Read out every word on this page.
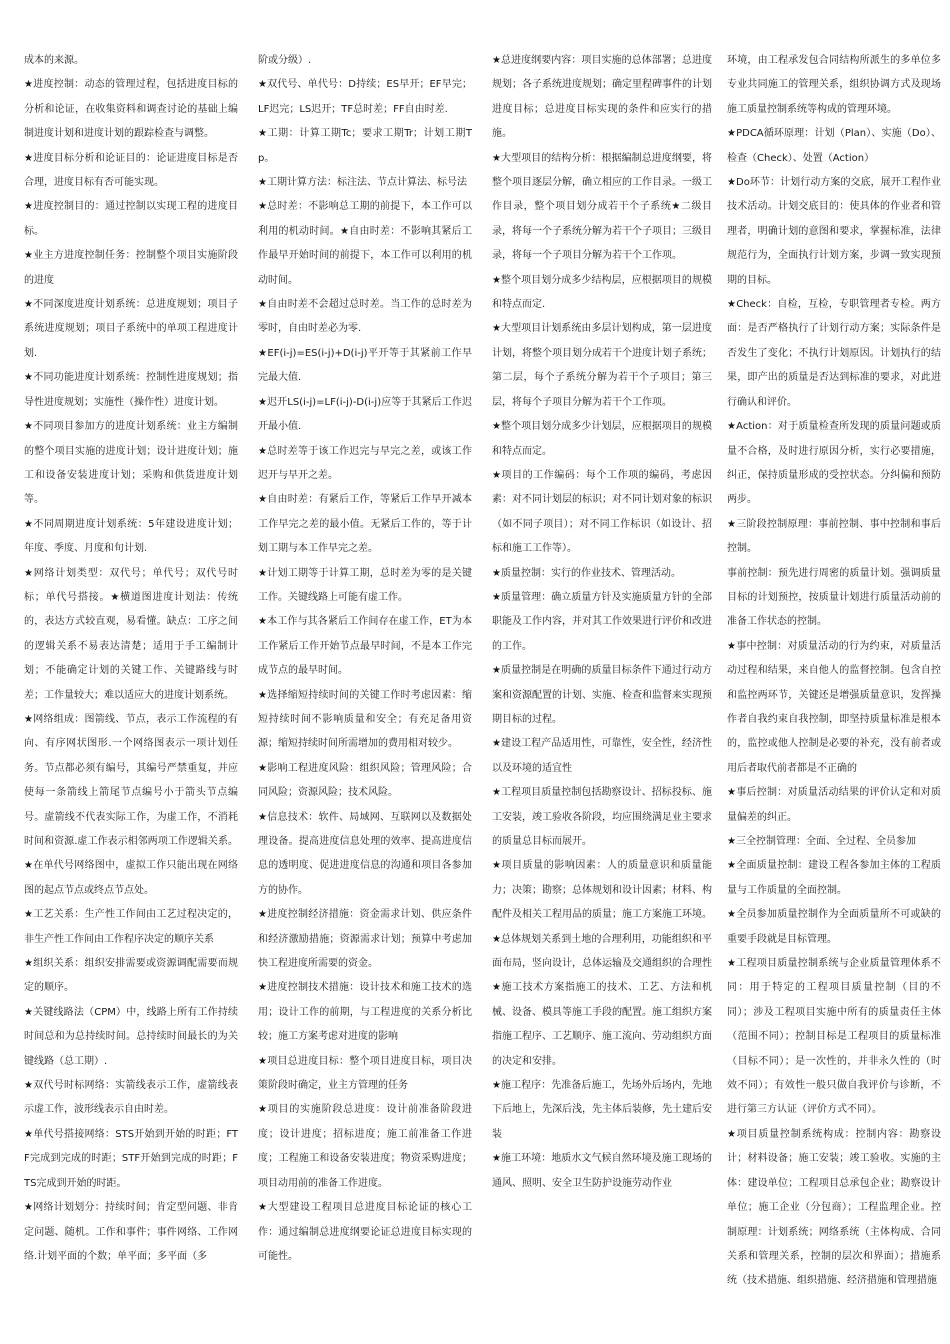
成本的来源。

★进度控制：动态的管理过程，包括进度目标的分析和论证，在收集资料和调查讨论的基础上编制进度计划和进度计划的跟踪检查与调整。

★进度目标分析和论证目的：论证进度目标是否合理，进度目标有否可能实现。

★进度控制目的：通过控制以实现工程的进度目标。

★业主方进度控制任务：控制整个项目实施阶段的进度

★不同深度进度计划系统：总进度规划；项目子系统进度规划；项目子系统中的单项工程进度计划.

★不同功能进度计划系统：控制性进度规划；指导性进度规划；实施性（操作性）进度计划。

★不同项目参加方的进度计划系统：业主方编制的整个项目实施的进度计划；设计进度计划；施工和设备安装进度计划；采购和供货进度计划等。

★不同周期进度计划系统：5年建设进度计划；年度、季度、月度和旬计划.

★网络计划类型：双代号；单代号；双代号时标；单代号搭接。★横道图进度计划法：传统的，表达方式较直观，易看懂。缺点：工序之间的逻辑关系不易表达清楚；适用于手工编制计划；不能确定计划的关键工作、关键路线与时差；工作量较大；难以适应大的进度计划系统。

★网络组成：图箭线、节点，表示工作流程的有向、有序网状图形.一个网络图表示一项计划任务。节点都必须有编号，其编号严禁重复，并应使每一条箭线上箭尾节点编号小于箭头节点编号。虚箭线不代表实际工作，为虚工作，不消耗时间和资源.虚工作表示相邻两项工作逻辑关系。★在单代号网络图中，虚拟工作只能出现在网络图的起点节点或终点节点处。

★工艺关系：生产性工作间由工艺过程决定的，非生产性工作间由工作程序决定的顺序关系

★组织关系：组织安排需要或资源调配需要而规定的顺序。

★关键线路法（CPM）中，线路上所有工作持续时间总和为总持续时间。总持续时间最长的为关键线路（总工期）.

★双代号时标网络：实箭线表示工作，虚箭线表示虚工作，波形线表示自由时差。

★单代号搭接网络：STS开始到开始的时距；FTF完成到完成的时距；STF开始到完成的时距；FTS完成到开始的时距。

★网络计划划分：持续时间；肯定型问题、非肯定问题、随机。工作和事件；事件网络、工作网络.计划平面的个数；单平面；多平面（多

阶或分级）.

★双代号、单代号：D持续；ES早开；EF早完；LF迟完；LS迟开；TF总时差；FF自由时差.

★工期：计算工期Tc；要求工期Tr；计划工期Tp。

★工期计算方法：标注法、节点计算法、标号法

★总时差：不影响总工期的前提下，本工作可以利用的机动时间。★自由时差：不影响其紧后工作最早开始时间的前提下，本工作可以利用的机动时间。

★自由时差不会超过总时差。当工作的总时差为零时，自由时差必为零.

★EF(i-j)=ES(i-j)+D(i-j)平开等于其紧前工作早完最大值.

★迟开LS(i-j)=LF(i-j)-D(i-j)应等于其紧后工作迟开最小值.

★总时差等于该工作迟完与早完之差，或该工作迟开与早开之差。

★自由时差：有紧后工作，等紧后工作早开减本工作早完之差的最小值。无紧后工作的，等于计划工期与本工作早完之差。

★计划工期等于计算工期，总时差为零的是关键工作。关键线路上可能有虚工作。

★本工作与其各紧后工作间存在虚工作，ET为本工作紧后工作开始节点最早时间，不是本工作完成节点的最早时间。

★选择缩短持续时间的关键工作时考虑因素：缩短持续时间不影响质量和安全；有充足备用资源；缩短持续时间所需增加的费用相对较少。

★影响工程进度风险：组织风险；管理风险；合同风险；资源风险；技术风险。

★信息技术：软件、局域网、互联网以及数据处理设备。提高进度信息处理的效率、提高进度信息的透明度、促进进度信息的沟通和项目各参加方的协作。

★进度控制经济措施：资金需求计划、供应条件和经济激励措施；资源需求计划；预算中考虑加快工程进度所需要的资金。

★进度控制技术措施：设计技术和施工技术的选用；设计工作的前期，与工程进度的关系分析比较；施工方案考虑对进度的影响

★项目总进度目标：整个项目进度目标，项目决策阶段时确定，业主方管理的任务

★项目的实施阶段总进度：设计前准备阶段进度；设计进度；招标进度；施工前准备工作进度；工程施工和设备安装进度；物资采购进度；项目动用前的准备工作进度。

★大型建设工程项目总进度目标论证的核心工作：通过编制总进度纲要论证总进度目标实现的可能性。

★总进度纲要内容：项目实施的总体部署；总进度规划；各子系统进度规划；确定里程碑事件的计划进度目标；总进度目标实现的条件和应实行的措施。

★大型项目的结构分析：根据编制总进度纲要，将整个项目逐层分解，确立相应的工作目录。一级工作目录，整个项目划分成若干个子系统★二级目录，将每一个子系统分解为若干个子项目；三级目录，将每一个子项目分解为若干个工作项。

★整个项目划分成多少结构层，应根据项目的规模和特点而定.

★大型项目计划系统由多层计划构成，第一层进度计划，将整个项目划分成若干个进度计划子系统；第二层，每个子系统分解为若干个子项目；第三层，将每个子项目分解为若干个工作项。

★整个项目划分成多少计划层，应根据项目的规模和特点而定。

★项目的工作编码：每个工作项的编码，考虑因素：对不同计划层的标识；对不同计划对象的标识（如不同子项目）；对不同工作标识（如设计、招标和施工工作等）。

★质量控制：实行的作业技术、管理活动。

★质量管理：确立质量方针及实施质量方针的全部职能及工作内容，并对其工作效果进行评价和改进的工作。

★质量控制是在明确的质量目标条件下通过行动方案和资源配置的计划、实施、检查和监督来实现预期目标的过程。

★建设工程产品适用性，可靠性，安全性，经济性以及环境的适宜性

★工程项目质量控制包括勘察设计、招标投标、施工安装，竣工验收各阶段，均应围绕满足业主要求的质量总目标而展开。

★项目质量的影响因素：人的质量意识和质量能力；决策；勘察；总体规划和设计因素；材料、构配件及相关工程用品的质量；施工方案施工环境。

★总体规划关系到土地的合理利用，功能组织和平面布局，竖向设计，总体运输及交通组织的合理性

★施工技术方案指施工的技术、工艺、方法和机械、设备、模具等施工手段的配置。施工组织方案指施工程序、工艺顺序、施工流向、劳动组织方面的决定和安排。

★施工程序：先准备后施工，先场外后场内，先地下后地上，先深后浅，先主体后装修，先土建后安装

★施工环境：地质水文气候自然环境及施工现场的通风、照明、安全卫生防护设施劳动作业

环境，由工程承发包合同结构所派生的多单位多专业共同施工的管理关系，组织协调方式及现场施工质量控制系统等构成的管理环境。

★PDCA循环原理：计划（Plan）、实施（Do）、检查（Check）、处置（Action）

★Do环节：计划行动方案的交底，展开工程作业技术活动。计划交底目的：使具体的作业者和管理者，明确计划的意图和要求，掌握标准，法律规范行为，全面执行计划方案，步调一致实现预期的目标。

★Check：自检，互检，专职管理者专检。两方面：是否严格执行了计划行动方案；实际条件是否发生了变化；不执行计划原因。计划执行的结果，即产出的质量是否达到标准的要求，对此进行确认和评价。

★Action：对于质量检查所发现的质量问题或质量不合格，及时进行原因分析，实行必要措施，纠正，保持质量形成的受控状态。分纠偏和预防两步。

★三阶段控制原理：事前控制、事中控制和事后控制。

事前控制：预先进行周密的质量计划。强调质量目标的计划预控，按质量计划进行质量活动前的准备工作状态的控制。

★事中控制：对质量活动的行为约束，对质量活动过程和结果，来自他人的监督控制。包含自控和监控两环节，关键还是增强质量意识，发挥操作者自我约束自我控制，即坚持质量标准是根本的，监控或他人控制是必要的补充，没有前者或用后者取代前者都是不正确的

★事后控制：对质量活动结果的评价认定和对质量偏差的纠正。

★三全控制管理：全面、全过程、全员参加

★全面质量控制：建设工程各参加主体的工程质量与工作质量的全面控制。

★全员参加质量控制作为全面质量所不可或缺的重要手段就是目标管理。

★工程项目质量控制系统与企业质量管理体系不同：用于特定的工程项目质量控制（目的不同）；涉及工程项目实施中所有的质量责任主体（范围不同）；控制目标是工程项目的质量标准（目标不同）；是一次性的，并非永久性的（时效不同）；有效性一般只做自我评价与诊断，不进行第三方认证（评价方式不同）。

★项目质量控制系统构成：控制内容：勘察设计；材料设备；施工安装；竣工验收。实施的主体：建设单位；工程项目总承包企业；勘察设计单位；施工企业（分包商）；工程监理企业。控制原理：计划系统；网络系统（主体构成、合同关系和管理关系，控制的层次和界面）；措施系统（技术措施、组织措施、经济措施和管理措施
